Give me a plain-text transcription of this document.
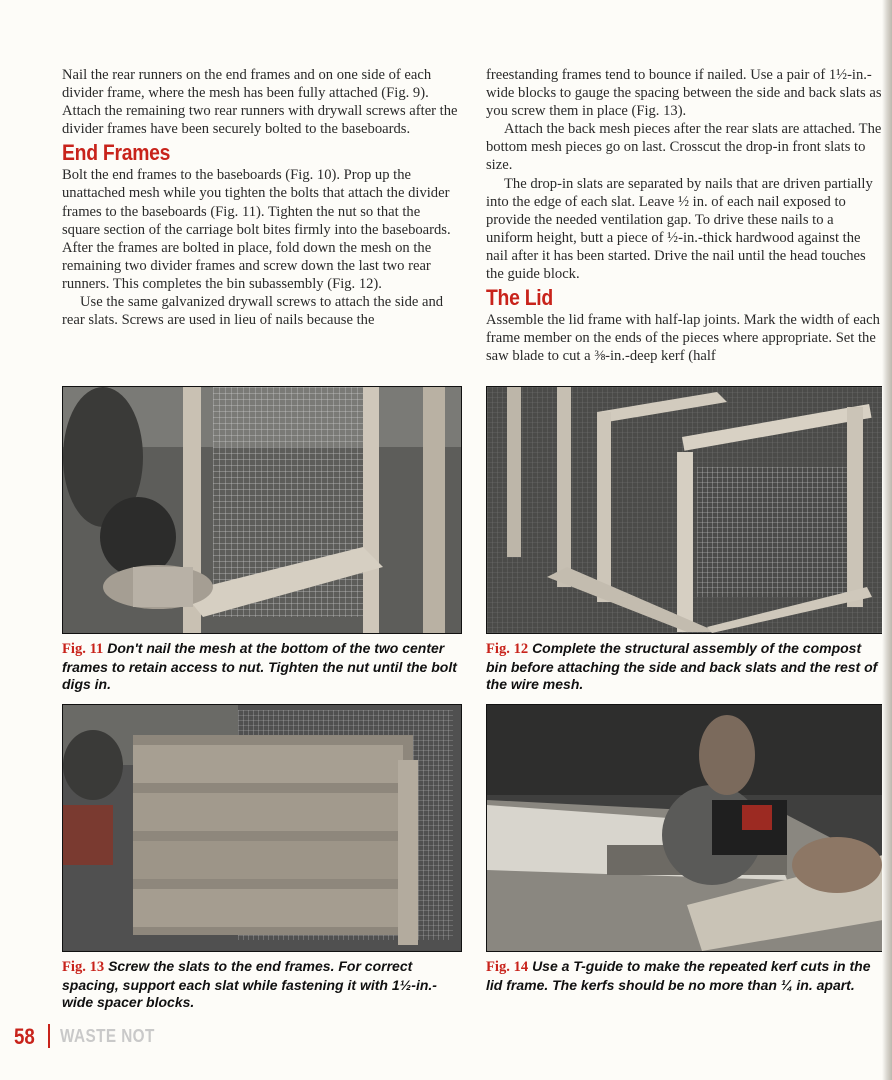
Nail the rear runners on the end frames and on one side of each divider frame, where the mesh has been fully attached (Fig. 9). Attach the remaining two rear runners with drywall screws after the divider frames have been securely bolted to the baseboards.

End Frames

Bolt the end frames to the baseboards (Fig. 10). Prop up the unattached mesh while you tighten the bolts that attach the divider frames to the baseboards (Fig. 11). Tighten the nut so that the square section of the carriage bolt bites firmly into the baseboards. After the frames are bolted in place, fold down the mesh on the remaining two divider frames and screw down the last two rear runners. This completes the bin subassembly (Fig. 12).

Use the same galvanized drywall screws to attach the side and rear slats. Screws are used in lieu of nails because the

freestanding frames tend to bounce if nailed. Use a pair of 1½-in.-wide blocks to gauge the spacing between the side and back slats as you screw them in place (Fig. 13).

Attach the back mesh pieces after the rear slats are attached. The bottom mesh pieces go on last. Crosscut the drop-in front slats to size.

The drop-in slats are separated by nails that are driven partially into the edge of each slat. Leave ½ in. of each nail exposed to provide the needed ventilation gap. To drive these nails to a uniform height, butt a piece of ½-in.-thick hardwood against the nail after it has been started. Drive the nail until the head touches the guide block.

The Lid

Assemble the lid frame with half-lap joints. Mark the width of each frame member on the ends of the pieces where appropriate. Set the saw blade to cut a ⅜-in.-deep kerf (half

Fig. 11 Don't nail the mesh at the bottom of the two center frames to retain access to nut. Tighten the nut until the bolt digs in.
Fig. 12 Complete the structural assembly of the compost bin before attaching the side and back slats and the rest of the wire mesh.
Fig. 13 Screw the slats to the end frames. For correct spacing, support each slat while fastening it with 1½-in.-wide spacer blocks.
Fig. 14 Use a T-guide to make the repeated kerf cuts in the lid frame. The kerfs should be no more than ¼ in. apart.
58 WASTE NOT
